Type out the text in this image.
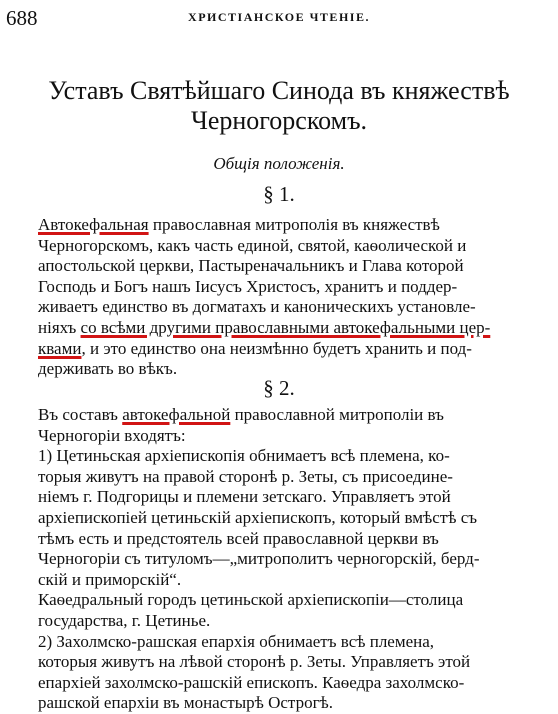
688	ХРИСТІАНСКОЕ ЧТЕНІЕ.
Уставъ Святѣйшаго Синода въ княжествѣ Черногорскомъ.
Общія положенія.
§ 1.
Автокефальная православная митрополія въ княжествѣ
Черногорскомъ, какъ часть единой, святой, каѳолической и
апостольской церкви, Пастыреначальникъ и Глава которой
Господь и Богъ нашъ Іисусъ Христосъ, хранитъ и поддер-
живаетъ единство въ догматахъ и каноническихъ установле-
ніяхъ со всѣми другими православными автокефальными цер-
квами, и это единство она неизмѣнно будетъ хранить и под-
держивать во вѣкъ.
§ 2.
Въ составъ автокефальной православной митрополіи въ
Черногоріи входятъ:
1) Цетиньская архіепископія обнимаетъ всѣ племена, ко-
торыя живутъ на правой сторонѣ р. Зеты, съ присоедине-
ніемъ г. Подгорицы и племени зетскаго. Управляетъ этой
архіепископіей цетиньскій архіепископъ, который вмѣстѣ съ
тѣмъ есть и предстоятель всей православной церкви въ
Черногоріи съ титуломъ—„митрополитъ черногорскій, берд-
скій и приморскій“.
Каѳедральный городъ цетиньской архіепископіи—столица
государства, г. Цетинье.
2) Захолмско-рашская епархія обнимаетъ всѣ племена,
которыя живутъ на лѣвой сторонѣ р. Зеты. Управляетъ этой
епархіей захолмско-рашскій епископъ. Каѳедра захолмско-
рашской епархіи въ монастырѣ Острогѣ.
